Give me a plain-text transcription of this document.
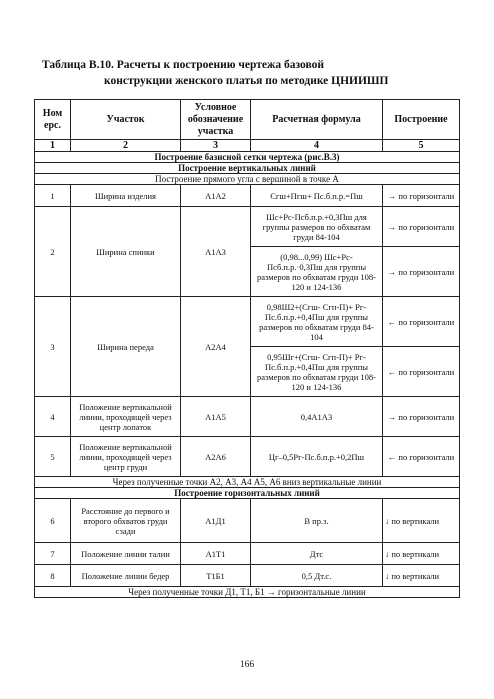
Таблица В.10. Расчеты к построению чертежа базовой
конструкции женского платья по методике ЦНИИШП
Ном ерс.	Участок	Условное обозначение участка	Расчетная формула	Построение
1	2	3	4	5
Построение базисной сетки чертежа (рис.В.3)				
Построение вертикальных линий				
Построение прямого угла с вершиной в точке А				
1	Ширина изделия	А1А2	Сгш+Пгш+ Пс.б.п.р.=Пш	→ по горизонтали
2	Ширина спинки	А1А3	Шс+Рс-Псб.п.р.+0,3Пш для группы размеров по обхватам груди 84-104	→ по горизонтали
			(0,98...0,99) Шс+Рс-Псб.п.р.·0,3Пш для группы размеров по обхватам груди 108-120 и 124-136	→ по горизонтали
3	Ширина переда	А2А4	0,98Ш2+(Сгш- Сгп-П)+ Рг-Пс.б.п.р.+0,4Пш для группы размеров по обхватам груди 84-104	← по горизонтали
			0,95Шг+(Сгш- Сгп-П)+ Рг-Пс.б.п.р.+0,4Пш для группы размеров по обхватам груди 108-120 и 124-136	← по горизонтали
4	Положение вертикальной линии, проходящей через центр лопаток	А1А5	0,4А1А3	→ по горизонтали
5	Положение вертикальной линии, проходящей через центр груди	А2А6	Цг–0,5Рг-Пс.б.п.р.+0,2Пш	← по горизонтали
Через полученные точки А2, А3, А4 А5, А6 вниз вертикальные линии				
Построение горизонтальных линий				
6	Расстояние до первого и второго обхватов груди сзади	А1Д1	В пр.з.	↓ по вертикали
7	Положение линии талии	А1Т1	Дтс	↓ по вертикали
8	Положение линии бедер	Т1Б1	0,5 Дт.с.	↓ по вертикали
Через полученные точки Д1, Т1, Б1 → горизонтальные линии				
166
